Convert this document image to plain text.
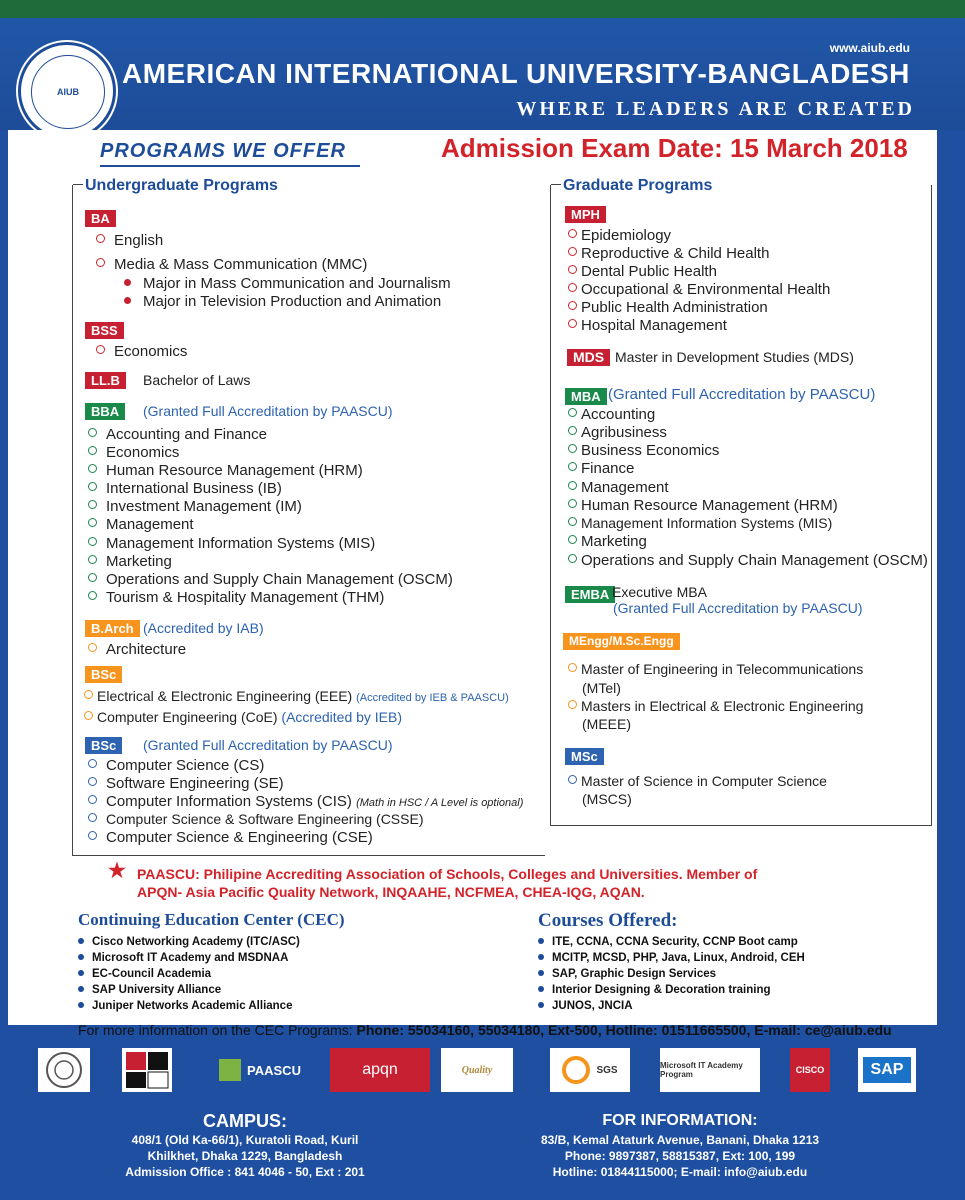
AIUB
www.aiub.edu
AMERICAN INTERNATIONAL UNIVERSITY-BANGLADESH
WHERE LEADERS ARE CREATED
PROGRAMS WE OFFER	Admission Exam Date: 15 March 2018
Undergraduate Programs
BA
English
Media & Mass Communication (MMC)
Major in Mass Communication and Journalism
Major in Television Production and Animation
BSS
Economics
LL.B	Bachelor of Laws
BBA	(Granted Full Accreditation by PAASCU)
Accounting and Finance
Economics
Human Resource Management (HRM)
International Business (IB)
Investment Management (IM)
Management
Management Information Systems (MIS)
Marketing
Operations and Supply Chain Management (OSCM)
Tourism & Hospitality Management (THM)
B.Arch (Accredited by IAB)
Architecture
BSc
Electrical & Electronic Engineering (EEE) (Accredited by IEB & PAASCU)
Computer Engineering (CoE) (Accredited by IEB)
BSc	(Granted Full Accreditation by PAASCU)
Computer Science (CS)
Software Engineering (SE)
Computer Information Systems (CIS) (Math in HSC / A Level is optional)
Computer Science & Software Engineering (CSSE)
Computer Science & Engineering (CSE)
Graduate Programs
MPH
Epidemiology
Reproductive & Child Health
Dental Public Health
Occupational & Environmental Health
Public Health Administration
Hospital Management
MDS Master in Development Studies (MDS)
MBA (Granted Full Accreditation by PAASCU)
Accounting
Agribusiness
Business Economics
Finance
Management
Human Resource Management (HRM)
Management Information Systems (MIS)
Marketing
Operations and Supply Chain Management (OSCM)
EMBA Executive MBA
(Granted Full Accreditation by PAASCU)
MEngg/M.Sc.Engg
Master of Engineering in Telecommunications
(MTel)
Masters in Electrical & Electronic Engineering
(MEEE)
MSc
Master of Science in Computer Science
(MSCS)
★ PAASCU: Philipine Accrediting Association of Schools, Colleges and Universities. Member of
APQN- Asia Pacific Quality Network, INQAAHE, NCFMEA, CHEA-IQG, AQAN.
Continuing Education Center (CEC)
Cisco Networking Academy (ITC/ASC)
Microsoft IT Academy and MSDNAA
EC-Council Academia
SAP University Alliance
Juniper Networks Academic Alliance
Courses Offered:
ITE, CCNA, CCNA Security, CCNP Boot camp
MCITP, MCSD, PHP, Java, Linux, Android, CEH
SAP, Graphic Design Services
Interior Designing & Decoration training
JUNOS, JNCIA
For more information on the CEC Programs: Phone: 55034160, 55034180, Ext-500, Hotline: 01511665500, E-mail: ce@aiub.edu
PAASCU	apqn	Quality	SGS	Microsoft IT Academy Program	CISCO	SAP
CAMPUS:
408/1 (Old Ka-66/1), Kuratoli Road, Kuril
Khilkhet, Dhaka 1229, Bangladesh
Admission Office : 841 4046 - 50, Ext : 201
FOR INFORMATION:
83/B, Kemal Ataturk Avenue, Banani, Dhaka 1213
Phone: 9897387, 58815387, Ext: 100, 199
Hotline: 01844115000; E-mail: info@aiub.edu
